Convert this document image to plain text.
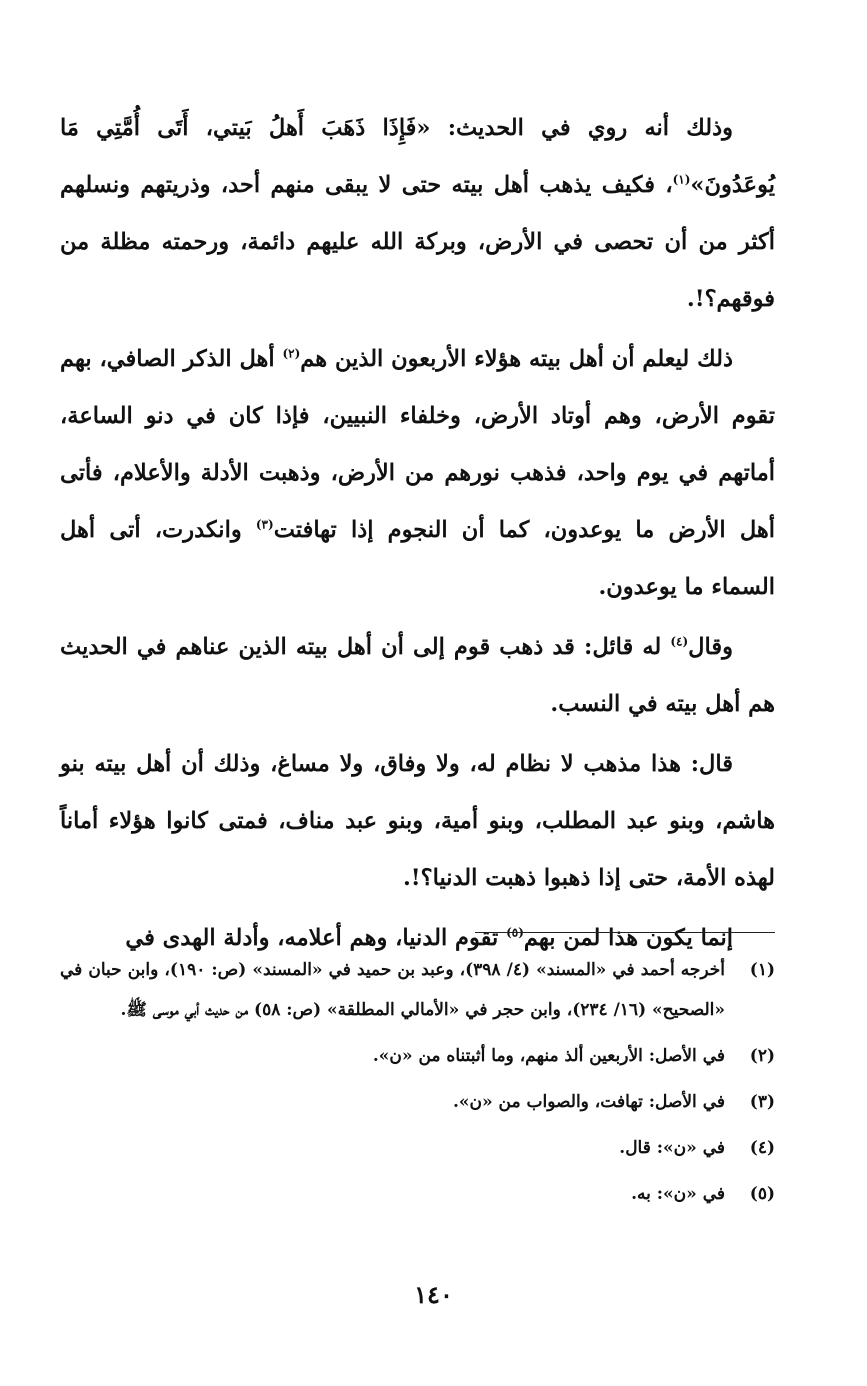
وذلك أنه روي في الحديث: «فَإِذَا ذَهَبَ أَهلُ بَيتي، أَتَى أُمَّتِي مَا يُوعَدُونَ»$^{(١)}$، فكيف يذهب أهل بيته حتى لا يبقى منهم أحد، وذريتهم ونسلهم أكثر من أن تحصى في الأرض، وبركة الله عليهم دائمة، ورحمته مظلة من فوقهم؟!.

ذلك ليعلم أن أهل بيته هؤلاء الأربعون الذين هم$^{(٢)}$ أهل الذكر الصافي، بهم تقوم الأرض، وهم أوتاد الأرض، وخلفاء النبيين، فإذا كان في دنو الساعة، أماتهم في يوم واحد، فذهب نورهم من الأرض، وذهبت الأدلة والأعلام، فأتى أهل الأرض ما يوعدون، كما أن النجوم إذا تهافتت$^{(٣)}$ وانكدرت، أتى أهل السماء ما يوعدون.

وقال$^{(٤)}$ له قائل: قد ذهب قوم إلى أن أهل بيته الذين عناهم في الحديث هم أهل بيته في النسب.

قال: هذا مذهب لا نظام له، ولا وفاق، ولا مساغ، وذلك أن أهل بيته بنو هاشم، وبنو عبد المطلب، وبنو أمية، وبنو عبد مناف، فمتى كانوا هؤلاء أماناً لهذه الأمة، حتى إذا ذهبوا ذهبت الدنيا؟!.

إنما يكون هذا لمن بهم$^{(٥)}$ تقوم الدنيا، وهم أعلامه، وأدلة الهدى في

(١)
أخرجه أحمد في «المسند» (٤/ ٣٩٨)، وعبد بن حميد في «المسند» (ص: ١٩٠)، وابن حبان في «الصحيح» (١٦/ ٢٣٤)، وابن حجر في «الأمالي المطلقة» (ص: ٥٨) من حديث أبي موسى ﷺ.
(٢)
في الأصل: الأربعين ألذ منهم، وما أثبتناه من «ن».
(٣)
في الأصل: تهافت، والصواب من «ن».
(٤)
في «ن»: قال.
(٥)
في «ن»: به.
١٤٠
